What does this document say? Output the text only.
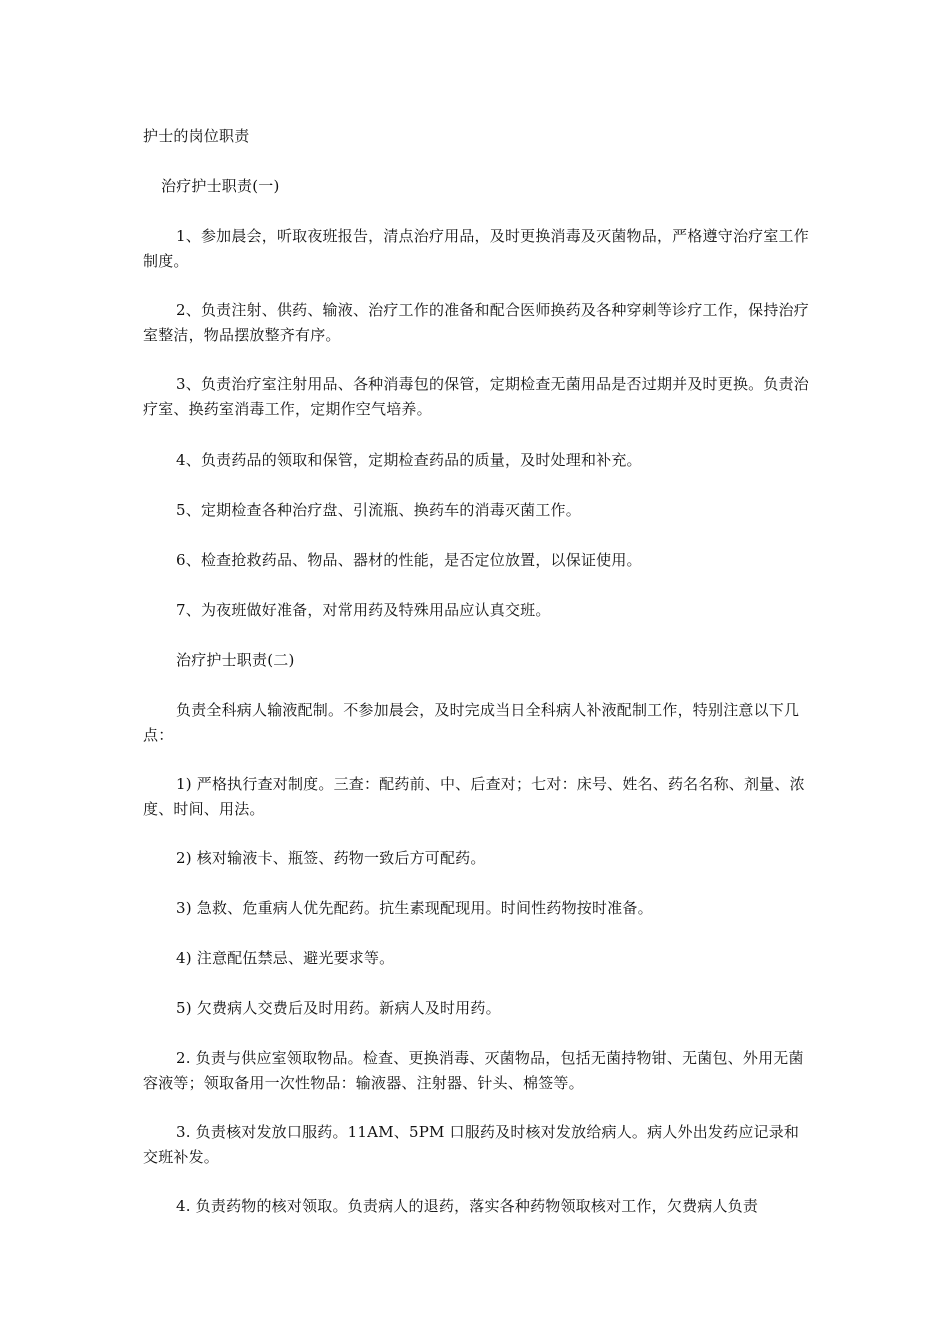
护士的岗位职责

治疗护士职责(一)

1、参加晨会，听取夜班报告，清点治疗用品，及时更换消毒及灭菌物品，严格遵守治疗室工作制度。

2、负责注射、供药、输液、治疗工作的准备和配合医师换药及各种穿刺等诊疗工作，保持治疗室整洁，物品摆放整齐有序。

3、负责治疗室注射用品、各种消毒包的保管，定期检查无菌用品是否过期并及时更换。负责治疗室、换药室消毒工作，定期作空气培养。

4、负责药品的领取和保管，定期检查药品的质量，及时处理和补充。

5、定期检查各种治疗盘、引流瓶、换药车的消毒灭菌工作。

6、检查抢救药品、物品、器材的性能，是否定位放置，以保证使用。

7、为夜班做好准备，对常用药及特殊用品应认真交班。

治疗护士职责(二)

负责全科病人输液配制。不参加晨会，及时完成当日全科病人补液配制工作，特别注意以下几点：

1) 严格执行查对制度。三查：配药前、中、后查对；七对：床号、姓名、药名名称、剂量、浓度、时间、用法。

2) 核对输液卡、瓶签、药物一致后方可配药。

3) 急救、危重病人优先配药。抗生素现配现用。时间性药物按时准备。

4) 注意配伍禁忌、避光要求等。

5) 欠费病人交费后及时用药。新病人及时用药。

2. 负责与供应室领取物品。检查、更换消毒、灭菌物品，包括无菌持物钳、无菌包、外用无菌容液等；领取备用一次性物品：输液器、注射器、针头、棉签等。

3. 负责核对发放口服药。11AM、5PM 口服药及时核对发放给病人。病人外出发药应记录和交班补发。

4. 负责药物的核对领取。负责病人的退药，落实各种药物领取核对工作，欠费病人负责
